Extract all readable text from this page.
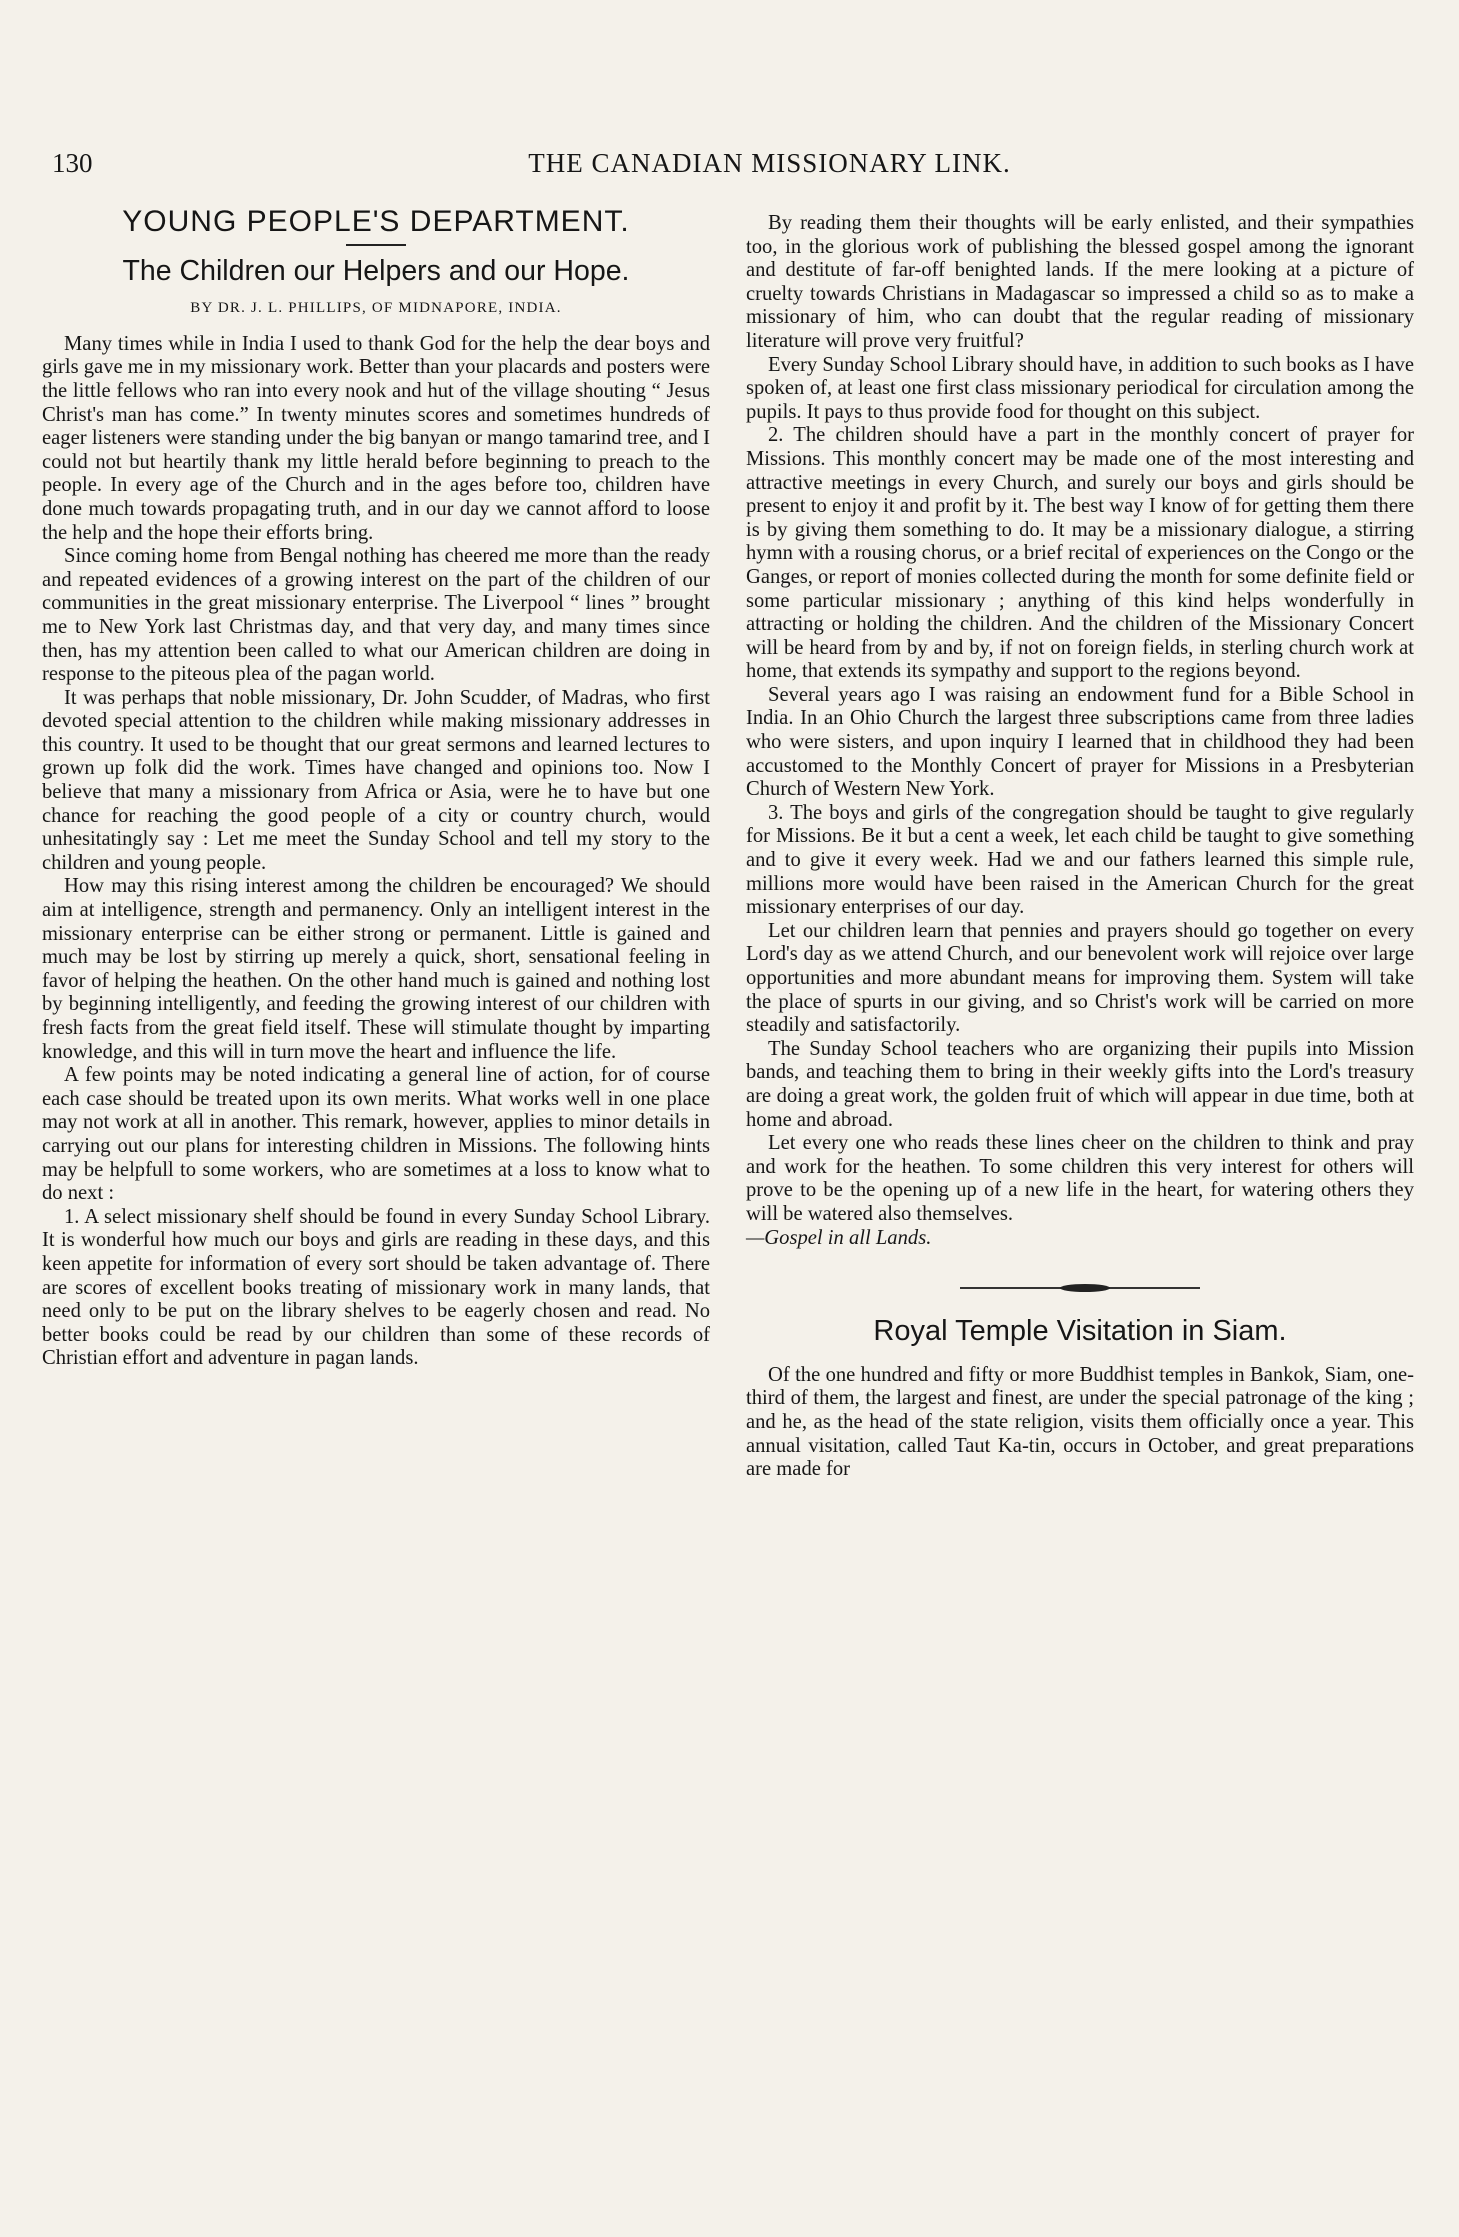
130	THE CANADIAN MISSIONARY LINK.
YOUNG PEOPLE'S DEPARTMENT.
The Children our Helpers and our Hope.
BY DR. J. L. PHILLIPS, OF MIDNAPORE, INDIA.

Many times while in India I used to thank God for the help the dear boys and girls gave me in my missionary work. Better than your placards and posters were the little fellows who ran into every nook and hut of the village shouting “ Jesus Christ's man has come.” In twenty minutes scores and sometimes hundreds of eager listeners were standing under the big banyan or mango tamarind tree, and I could not but heartily thank my little herald before beginning to preach to the people. In every age of the Church and in the ages before too, children have done much towards propagating truth, and in our day we cannot afford to loose the help and the hope their efforts bring.

Since coming home from Bengal nothing has cheered me more than the ready and repeated evidences of a growing interest on the part of the children of our communities in the great missionary enterprise. The Liverpool “ lines ” brought me to New York last Christmas day, and that very day, and many times since then, has my attention been called to what our American children are doing in response to the piteous plea of the pagan world.

It was perhaps that noble missionary, Dr. John Scudder, of Madras, who first devoted special attention to the children while making missionary addresses in this country. It used to be thought that our great sermons and learned lectures to grown up folk did the work. Times have changed and opinions too. Now I believe that many a missionary from Africa or Asia, were he to have but one chance for reaching the good people of a city or country church, would unhesitatingly say : Let me meet the Sunday School and tell my story to the children and young people.

How may this rising interest among the children be encouraged? We should aim at intelligence, strength and permanency. Only an intelligent interest in the missionary enterprise can be either strong or permanent. Little is gained and much may be lost by stirring up merely a quick, short, sensational feeling in favor of helping the heathen. On the other hand much is gained and nothing lost by beginning intelligently, and feeding the growing interest of our children with fresh facts from the great field itself. These will stimulate thought by imparting knowledge, and this will in turn move the heart and influence the life.

A few points may be noted indicating a general line of action, for of course each case should be treated upon its own merits. What works well in one place may not work at all in another. This remark, however, applies to minor details in carrying out our plans for interesting children in Missions. The following hints may be helpfull to some workers, who are sometimes at a loss to know what to do next :

1. A select missionary shelf should be found in every Sunday School Library. It is wonderful how much our boys and girls are reading in these days, and this keen appetite for information of every sort should be taken advantage of. There are scores of excellent books treating of missionary work in many lands, that need only to be put on the library shelves to be eagerly chosen and read. No better books could be read by our children than some of these records of Christian effort and adventure in pagan lands.

By reading them their thoughts will be early enlisted, and their sympathies too, in the glorious work of publishing the blessed gospel among the ignorant and destitute of far-off benighted lands. If the mere looking at a picture of cruelty towards Christians in Madagascar so impressed a child so as to make a missionary of him, who can doubt that the regular reading of missionary literature will prove very fruitful?

Every Sunday School Library should have, in addition to such books as I have spoken of, at least one first class missionary periodical for circulation among the pupils. It pays to thus provide food for thought on this subject.

2. The children should have a part in the monthly concert of prayer for Missions. This monthly concert may be made one of the most interesting and attractive meetings in every Church, and surely our boys and girls should be present to enjoy it and profit by it. The best way I know of for getting them there is by giving them something to do. It may be a missionary dialogue, a stirring hymn with a rousing chorus, or a brief recital of experiences on the Congo or the Ganges, or report of monies collected during the month for some definite field or some particular missionary ; anything of this kind helps wonderfully in attracting or holding the children. And the children of the Missionary Concert will be heard from by and by, if not on foreign fields, in sterling church work at home, that extends its sympathy and support to the regions beyond.

Several years ago I was raising an endowment fund for a Bible School in India. In an Ohio Church the largest three subscriptions came from three ladies who were sisters, and upon inquiry I learned that in childhood they had been accustomed to the Monthly Concert of prayer for Missions in a Presbyterian Church of Western New York.

3. The boys and girls of the congregation should be taught to give regularly for Missions. Be it but a cent a week, let each child be taught to give something and to give it every week. Had we and our fathers learned this simple rule, millions more would have been raised in the American Church for the great missionary enterprises of our day.

Let our children learn that pennies and prayers should go together on every Lord's day as we attend Church, and our benevolent work will rejoice over large opportunities and more abundant means for improving them. System will take the place of spurts in our giving, and so Christ's work will be carried on more steadily and satisfactorily.

The Sunday School teachers who are organizing their pupils into Mission bands, and teaching them to bring in their weekly gifts into the Lord's treasury are doing a great work, the golden fruit of which will appear in due time, both at home and abroad.

Let every one who reads these lines cheer on the children to think and pray and work for the heathen. To some children this very interest for others will prove to be the opening up of a new life in the heart, for watering others they will be watered also themselves.

—Gospel in all Lands.

Royal Temple Visitation in Siam.

Of the one hundred and fifty or more Buddhist temples in Bankok, Siam, one-third of them, the largest and finest, are under the special patronage of the king ; and he, as the head of the state religion, visits them officially once a year. This annual visitation, called Taut Ka-tin, occurs in October, and great preparations are made for
